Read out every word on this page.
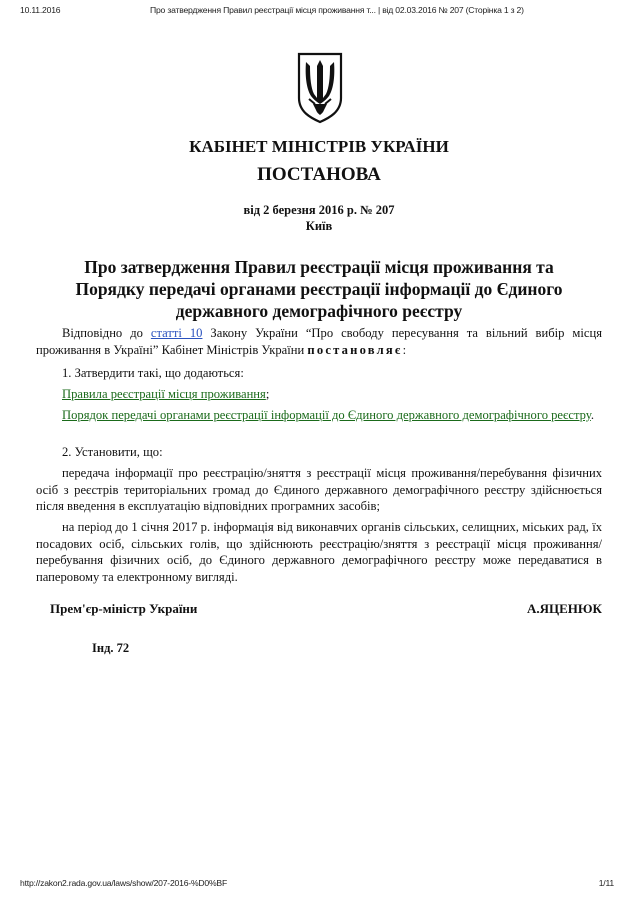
10.11.2016	Про затвердження Правил реєстрації місця проживання т... | від 02.03.2016 № 207 (Сторінка 1 з 2)
КАБІНЕТ МІНІСТРІВ УКРАЇНИ
ПОСТАНОВА
від 2 березня 2016 р. № 207
Київ
Про затвердження Правил реєстрації місця проживання та
Порядку передачі органами реєстрації інформації до Єдиного
державного демографічного реєстру
Відповідно до статті 10 Закону України “Про свободу пересування та вільний вибір місця проживання в Україні” Кабінет Міністрів України постановляє:
1. Затвердити такі, що додаються:
Правила реєстрації місця проживання;
Порядок передачі органами реєстрації інформації до Єдиного державного демографічного реєстру.
2. Установити, що:
передача інформації про реєстрацію/зняття з реєстрації місця проживання/перебування фізичних осіб з реєстрів територіальних громад до Єдиного державного демографічного реєстру здійснюється після введення в експлуатацію відповідних програмних засобів;
на період до 1 січня 2017 р. інформація від виконавчих органів сільських, селищних, міських рад, їх посадових осіб, сільських голів, що здійснюють реєстрацію/зняття з реєстрації місця проживання/перебування фізичних осіб, до Єдиного державного демографічного реєстру може передаватися в паперовому та електронному вигляді.
Прем'єр-міністр України	А.ЯЦЕНЮК
Інд. 72
http://zakon2.rada.gov.ua/laws/show/207-2016-%D0%BF	1/11
